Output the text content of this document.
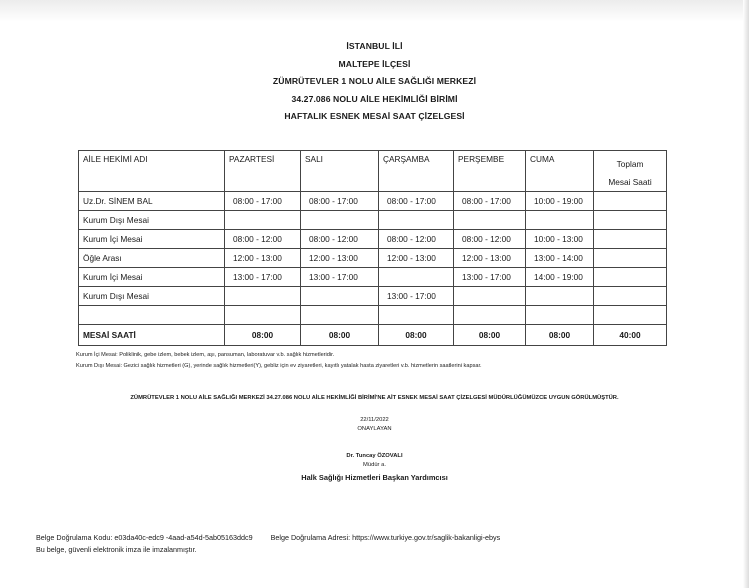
İSTANBUL İLİ
MALTEPE İLÇESİ
ZÜMRÜTEVLER 1 NOLU AİLE SAĞLIĞI MERKEZİ
34.27.086 NOLU AİLE HEKİMLİĞİ BİRİMİ
HAFTALIK ESNEK MESAİ SAAT ÇİZELGESİ
AİLE HEKİMİ ADI	PAZARTESİ	SALI	ÇARŞAMBA	PERŞEMBE	CUMA	Toplam
Mesai Saati
Uz.Dr. SİNEM BAL	08:00 - 17:00	08:00 - 17:00	08:00 - 17:00	08:00 - 17:00	10:00 - 19:00	
Kurum Dışı Mesai						
Kurum İçi Mesai	08:00 - 12:00	08:00 - 12:00	08:00 - 12:00	08:00 - 12:00	10:00 - 13:00	
Öğle Arası	12:00 - 13:00	12:00 - 13:00	12:00 - 13:00	12:00 - 13:00	13:00 - 14:00	
Kurum İçi Mesai	13:00 - 17:00	13:00 - 17:00		13:00 - 17:00	14:00 - 19:00	
Kurum Dışı Mesai			13:00 - 17:00			

MESAİ SAATİ	08:00	08:00	08:00	08:00	08:00	40:00
Kurum İçi Mesai: Poliklinik, gebe izlem, bebek izlem, aşı, pansuman, laboratuvar v.b. sağlık hizmetleridir.
Kurum Dışı Mesai: Gezici sağlık hizmetleri (G), yerinde sağlık hizmetleri(Y), gebliz için ev ziyaretleri, kayıtlı yatalak hasta ziyaretleri v.b. hizmetlerin saatlerini kapsar.
ZÜMRÜTEVLER 1 NOLU AİLE SAĞLIĞI MERKEZİ 34.27.086 NOLU AİLE HEKİMLİĞİ BİRİMİ'NE AİT ESNEK MESAİ SAAT ÇİZELGESİ MÜDÜRLÜĞÜMÜZCE UYGUN GÖRÜLMÜŞTÜR.
22/11/2022
ONAYLAYAN
Dr. Tuncay ÖZOVALI
Müdür a.
Halk Sağlığı Hizmetleri Başkan Yardımcısı
Belge Doğrulama Kodu: e03da40c-edc9 -4aad-a54d-5ab05163ddc9	Belge Doğrulama Adresi: https://www.turkiye.gov.tr/saglik-bakanligi-ebys
Bu belge, güvenli elektronik imza ile imzalanmıştır.
